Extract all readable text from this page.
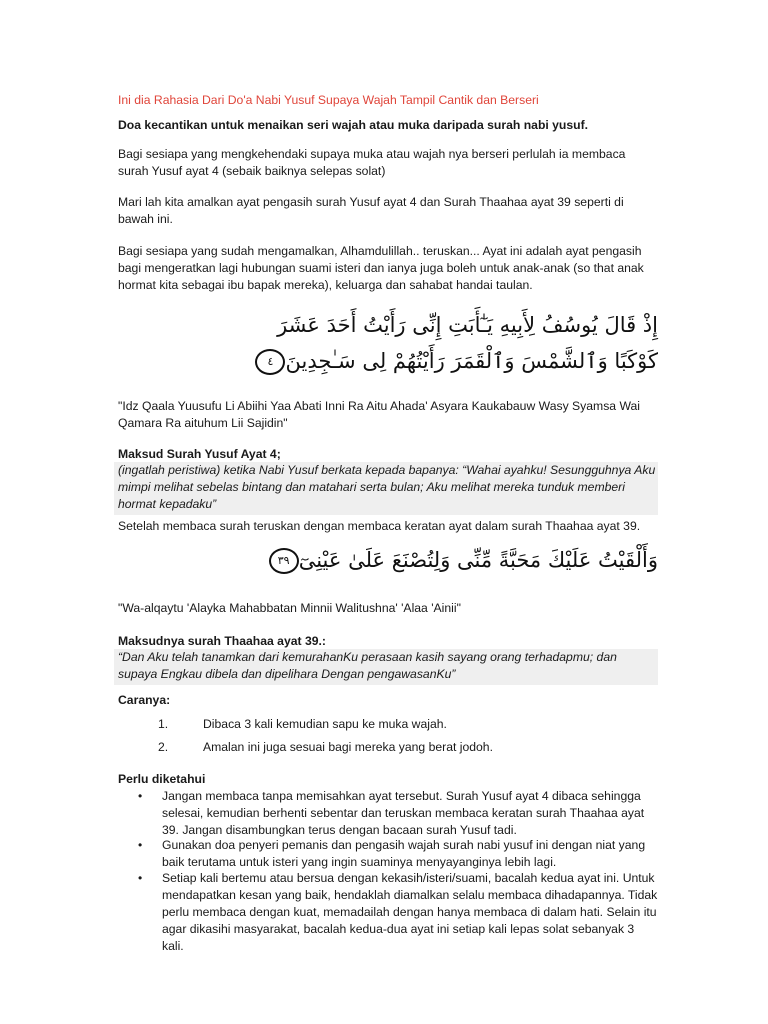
Ini dia Rahasia Dari Do'a Nabi Yusuf Supaya Wajah Tampil Cantik dan Berseri

Doa kecantikan untuk menaikan seri wajah atau muka daripada surah nabi yusuf.

Bagi sesiapa yang mengkehendaki supaya muka atau wajah nya berseri perlulah ia membaca surah Yusuf ayat 4 (sebaik baiknya selepas solat)

Mari lah kita amalkan ayat pengasih surah Yusuf ayat 4 dan Surah Thaahaa ayat 39 seperti di bawah ini.

Bagi sesiapa yang sudah mengamalkan, Alhamdulillah.. teruskan... Ayat ini adalah ayat pengasih bagi mengeratkan lagi hubungan suami isteri dan ianya juga boleh untuk anak-anak (so that anak hormat kita sebagai ibu bapak mereka), keluarga dan sahabat handai taulan.

إِذْ قَالَ يُوسُفُ لِأَبِيهِ يَـٰٓأَبَتِ إِنِّى رَأَيْتُ أَحَدَ عَشَرَ

كَوْكَبًا وَٱلشَّمْسَ وَٱلْقَمَرَ رَأَيْتُهُمْ لِى سَـٰجِدِينَ٤

"Idz Qaala Yuusufu Li Abiihi Yaa Abati Inni Ra Aitu Ahada' Asyara Kaukabauw Wasy Syamsa Wai Qamara Ra aituhum Lii Sajidin"

Maksud Surah Yusuf Ayat 4;

(ingatlah peristiwa) ketika Nabi Yusuf berkata kepada bapanya: “Wahai ayahku! Sesungguhnya Aku mimpi melihat sebelas bintang dan matahari serta bulan; Aku melihat mereka tunduk memberi hormat kepadaku”

Setelah membaca surah teruskan dengan membaca keratan ayat dalam surah Thaahaa ayat 39.

وَأَلْقَيْتُ عَلَيْكَ مَحَبَّةً مِّنِّى وَلِتُصْنَعَ عَلَىٰ عَيْنِىٓ٣٩

"Wa-alqaytu 'Alayka Mahabbatan Minnii Walitushna' 'Alaa 'Ainii"

Maksudnya surah Thaahaa ayat 39.:

“Dan Aku telah tanamkan dari kemurahanKu perasaan kasih sayang orang terhadapmu; dan supaya Engkau dibela dan dipelihara Dengan pengawasanKu”

Caranya:

1.	Dibaca 3 kali kemudian sapu ke muka wajah.
2.	Amalan ini juga sesuai bagi mereka yang berat jodoh.

Perlu diketahui

•	Jangan membaca tanpa memisahkan ayat tersebut. Surah Yusuf ayat 4 dibaca sehingga selesai, kemudian berhenti sebentar dan teruskan membaca keratan surah Thaahaa ayat 39. Jangan disambungkan terus dengan bacaan surah Yusuf tadi.
•	Gunakan doa penyeri pemanis dan pengasih wajah surah nabi yusuf ini dengan niat yang baik terutama untuk isteri yang ingin suaminya menyayanginya lebih lagi.
•	Setiap kali bertemu atau bersua dengan kekasih/isteri/suami, bacalah kedua ayat ini. Untuk mendapatkan kesan yang baik, hendaklah diamalkan selalu membaca dihadapannya. Tidak perlu membaca dengan kuat, memadailah dengan hanya membaca di dalam hati. Selain itu agar dikasihi masyarakat, bacalah kedua-dua ayat ini setiap kali lepas solat sebanyak 3 kali.
